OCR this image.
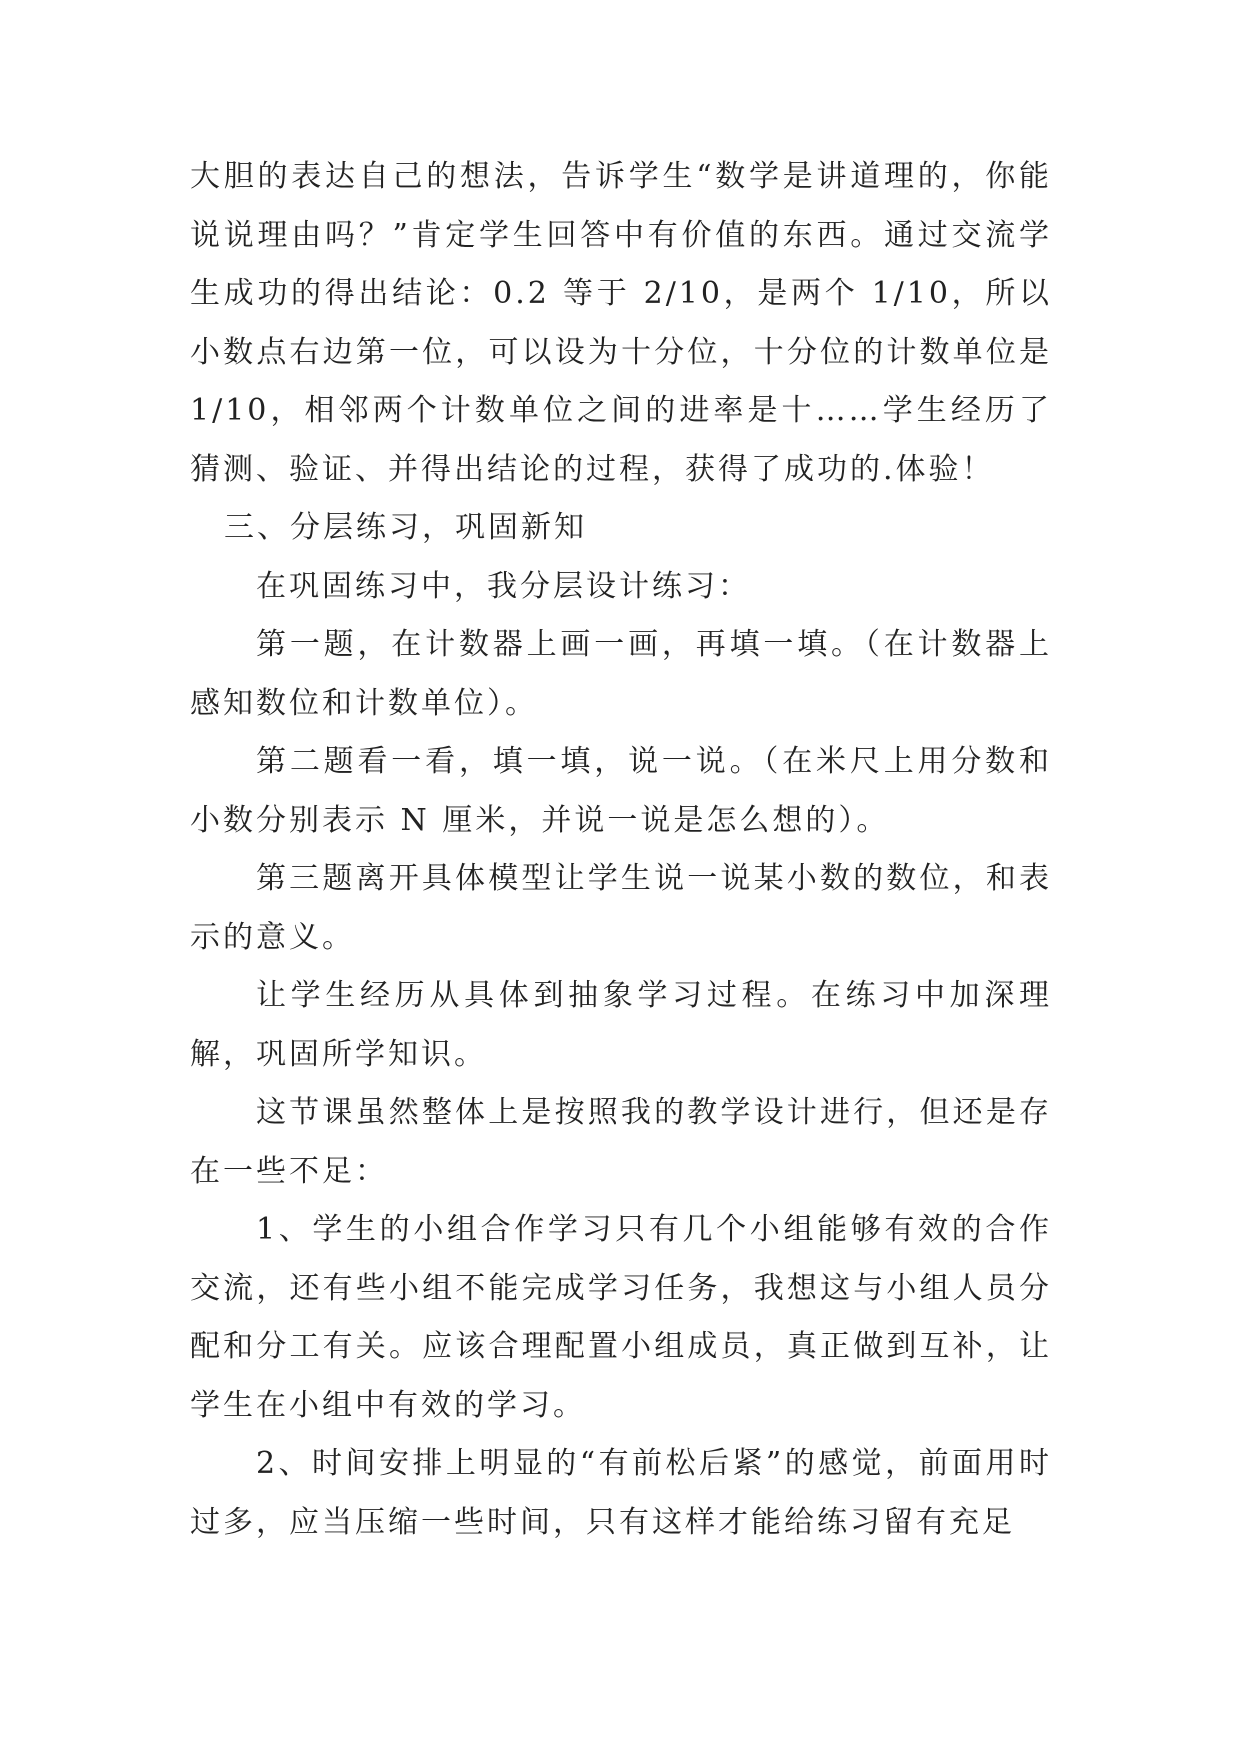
大胆的表达自己的想法，告诉学生“数学是讲道理的，你能说说理由吗？”肯定学生回答中有价值的东西。通过交流学生成功的得出结论：0.2 等于 2/10，是两个 1/10，所以小数点右边第一位，可以设为十分位，十分位的计数单位是 1/10，相邻两个计数单位之间的进率是十……学生经历了猜测、验证、并得出结论的过程，获得了成功的.体验！

三、分层练习，巩固新知

在巩固练习中，我分层设计练习：

第一题，在计数器上画一画，再填一填。（在计数器上感知数位和计数单位）。

第二题看一看，填一填，说一说。（在米尺上用分数和小数分别表示 N 厘米，并说一说是怎么想的）。

第三题离开具体模型让学生说一说某小数的数位，和表示的意义。

让学生经历从具体到抽象学习过程。在练习中加深理解，巩固所学知识。

这节课虽然整体上是按照我的教学设计进行，但还是存在一些不足：

1、学生的小组合作学习只有几个小组能够有效的合作交流，还有些小组不能完成学习任务，我想这与小组人员分配和分工有关。应该合理配置小组成员，真正做到互补，让学生在小组中有效的学习。

2、时间安排上明显的“有前松后紧”的感觉，前面用时过多，应当压缩一些时间，只有这样才能给练习留有充足
